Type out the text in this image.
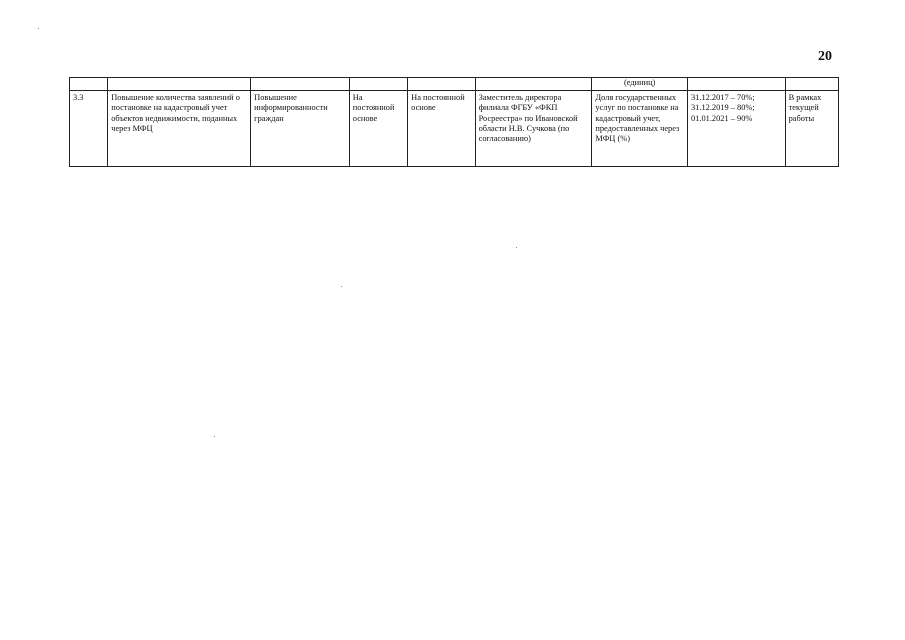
20
						(единиц)		
3.3	Повышение количества заявлений о постановке на кадастровый учет объектов недвижимости, поданных через МФЦ	Повышение информированности граждан	На постоянной основе	На постоянной основе	Заместитель директора филиала ФГБУ «ФКП Росреестра» по Ивановской области Н.В. Сучкова (по согласованию)	Доля государственных услуг по постановке на кадастровый учет, предоставленных через МФЦ (%)	31.12.2017 – 70%;
31.12.2019 – 80%;
01.01.2021 – 90%	В рамках текущей работы
